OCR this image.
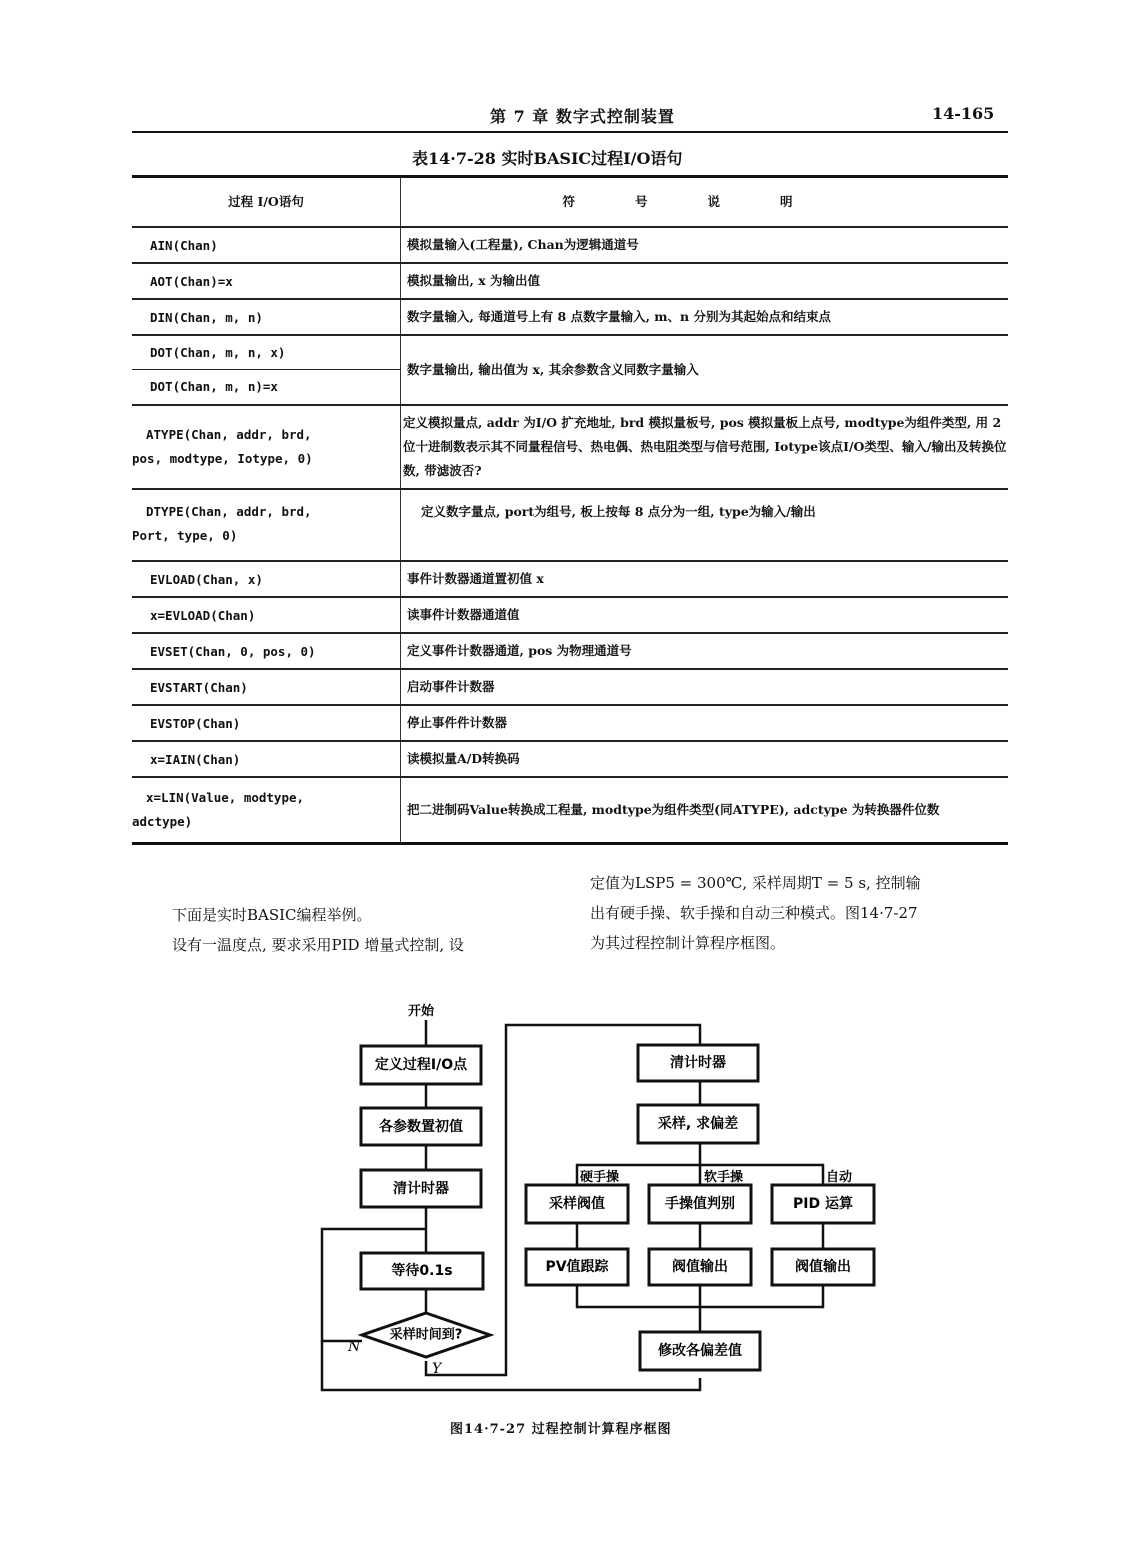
第 7 章 数字式控制装置	14-165
表14·7-28 实时BASIC过程I/O语句
过程 I/O语句	符号说明
AIN(Chan)	模拟量输入(工程量), Chan为逻辑通道号
AOT(Chan)=x	模拟量输出, x 为输出值
DIN(Chan, m, n)	数字量输入, 每通道号上有 8 点数字量输入, m、n 分别为其起始点和结束点
DOT(Chan, m, n, x)	数字量输出, 输出值为 x, 其余参数含义同数字量输入
DOT(Chan, m, n)=x	
ATYPE(Chan, addr, brd,
pos, modtype, Iotype, 0)	定义模拟量点, addr 为I/O 扩充地址, brd 模拟量板号, pos 模拟量板上点号, modtype为组件类型, 用 2 位十进制数表示其不同量程信号、热电偶、热电阻类型与信号范围, Iotype该点I/O类型、输入/输出及转换位数, 带滤波否?
DTYPE(Chan, addr, brd,
Port, type, 0)	定义数字量点, port为组号, 板上按每 8 点分为一组, type为输入/输出
EVLOAD(Chan, x)	事件计数器通道置初值 x
x=EVLOAD(Chan)	读事件计数器通道值
EVSET(Chan, 0, pos, 0)	定义事件计数器通道, pos 为物理通道号
EVSTART(Chan)	启动事件计数器
EVSTOP(Chan)	停止事件件计数器
x=IAIN(Chan)	读模拟量A/D转换码
x=LIN(Value, modtype,
adctype)	把二进制码Value转换成工程量, modtype为组件类型(同ATYPE), adctype 为转换器件位数
下面是实时BASIC编程举例。
设有一温度点, 要求采用PID 增量式控制, 设
定值为LSP5 = 300℃, 采样周期T = 5 s, 控制输
出有硬手操、软手操和自动三种模式。图14·7-27
为其过程控制计算程序框图。
开始
定义过程I/O点
各参数置初值
清计时器
等待0.1s
采样时间到?
N
Y
清计时器
采样, 求偏差
硬手操	软手操	自动
采样阀值	手操值判别	PID 运算
PV值跟踪	阀值输出	阀值输出
修改各偏差值
图14·7-27 过程控制计算程序框图
